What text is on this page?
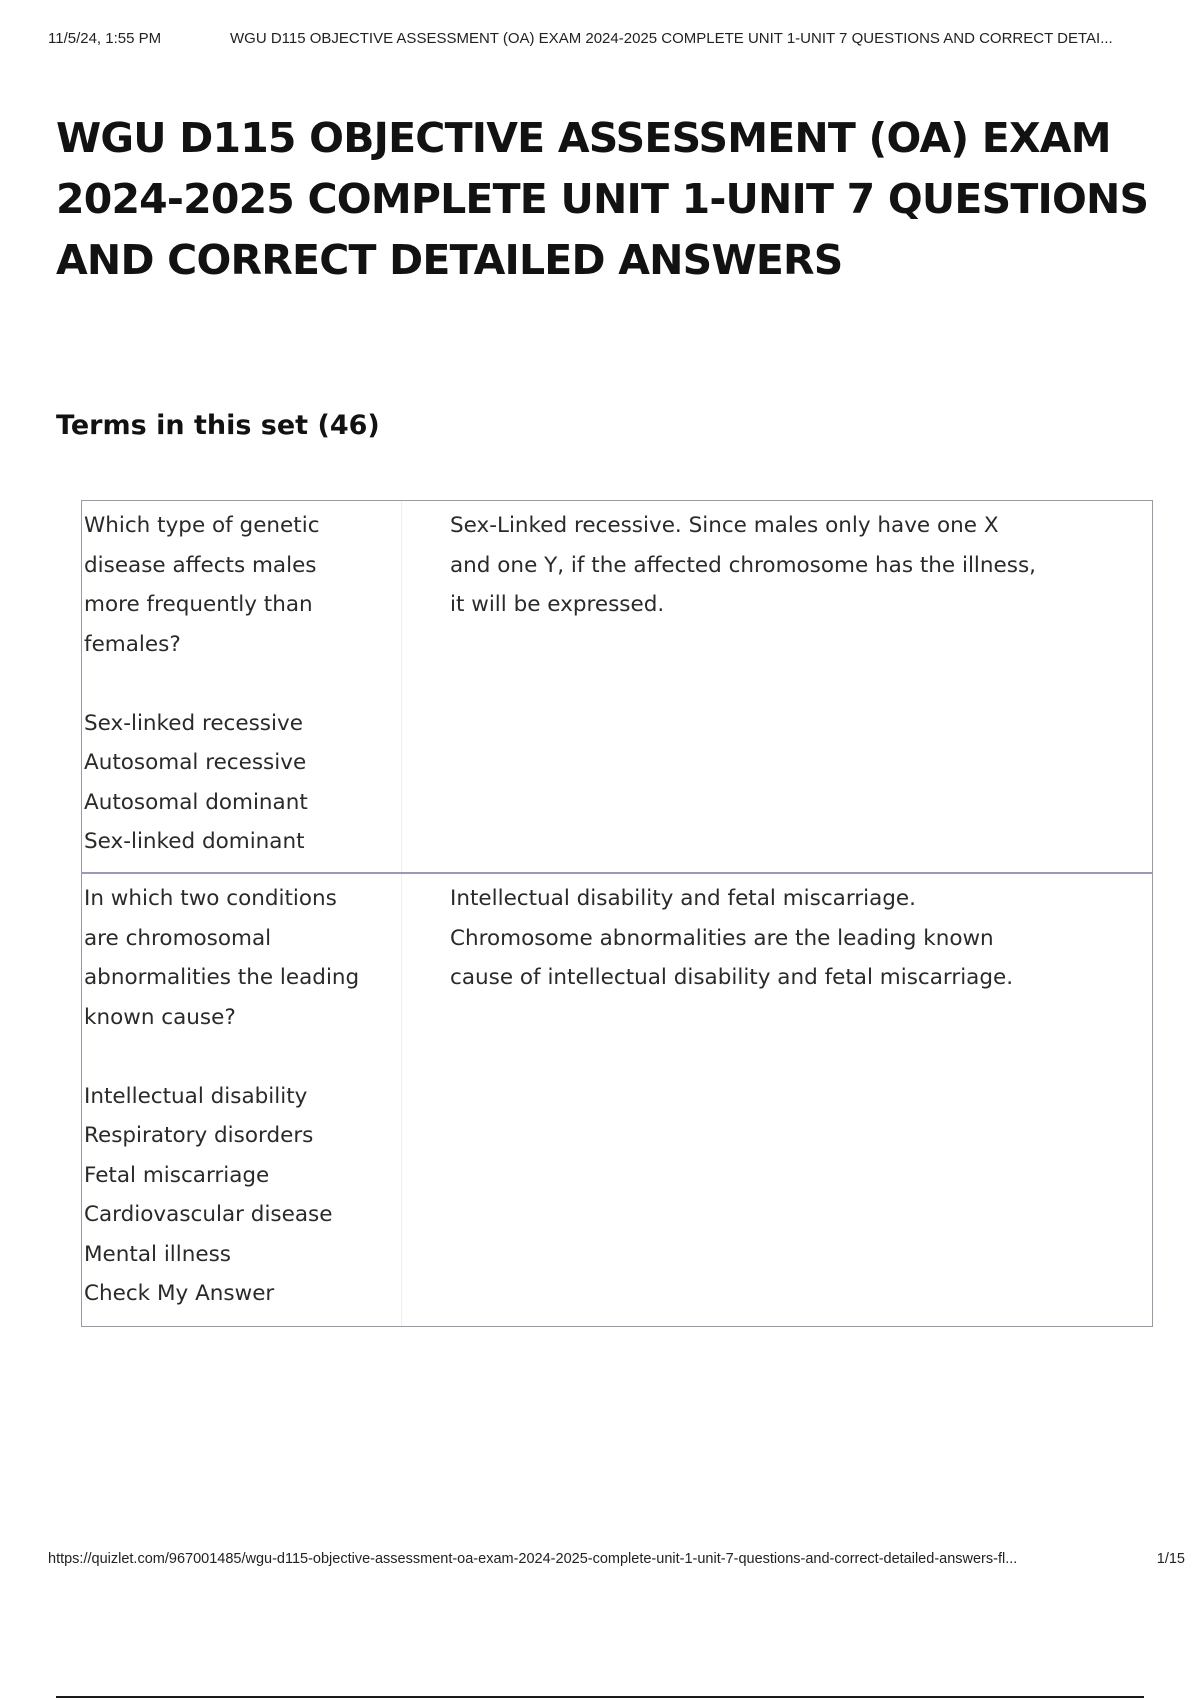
11/5/24, 1:55 PM	WGU D115 OBJECTIVE ASSESSMENT (OA) EXAM 2024-2025 COMPLETE UNIT 1-UNIT 7 QUESTIONS AND CORRECT DETAI...
WGU D115 OBJECTIVE ASSESSMENT (OA) EXAM
2024-2025 COMPLETE UNIT 1-UNIT 7 QUESTIONS
AND CORRECT DETAILED ANSWERS
Terms in this set (46)
Which type of genetic
disease affects males
more frequently than
females?
Sex-linked recessive
Autosomal recessive
Autosomal dominant
Sex-linked dominant
Sex-Linked recessive. Since males only have one X
and one Y, if the affected chromosome has the illness,
it will be expressed.
In which two conditions
are chromosomal
abnormalities the leading
known cause?
Intellectual disability
Respiratory disorders
Fetal miscarriage
Cardiovascular disease
Mental illness
Check My Answer
Intellectual disability and fetal miscarriage.
Chromosome abnormalities are the leading known
cause of intellectual disability and fetal miscarriage.
https://quizlet.com/967001485/wgu-d115-objective-assessment-oa-exam-2024-2025-complete-unit-1-unit-7-questions-and-correct-detailed-answers-fl...	1/15
